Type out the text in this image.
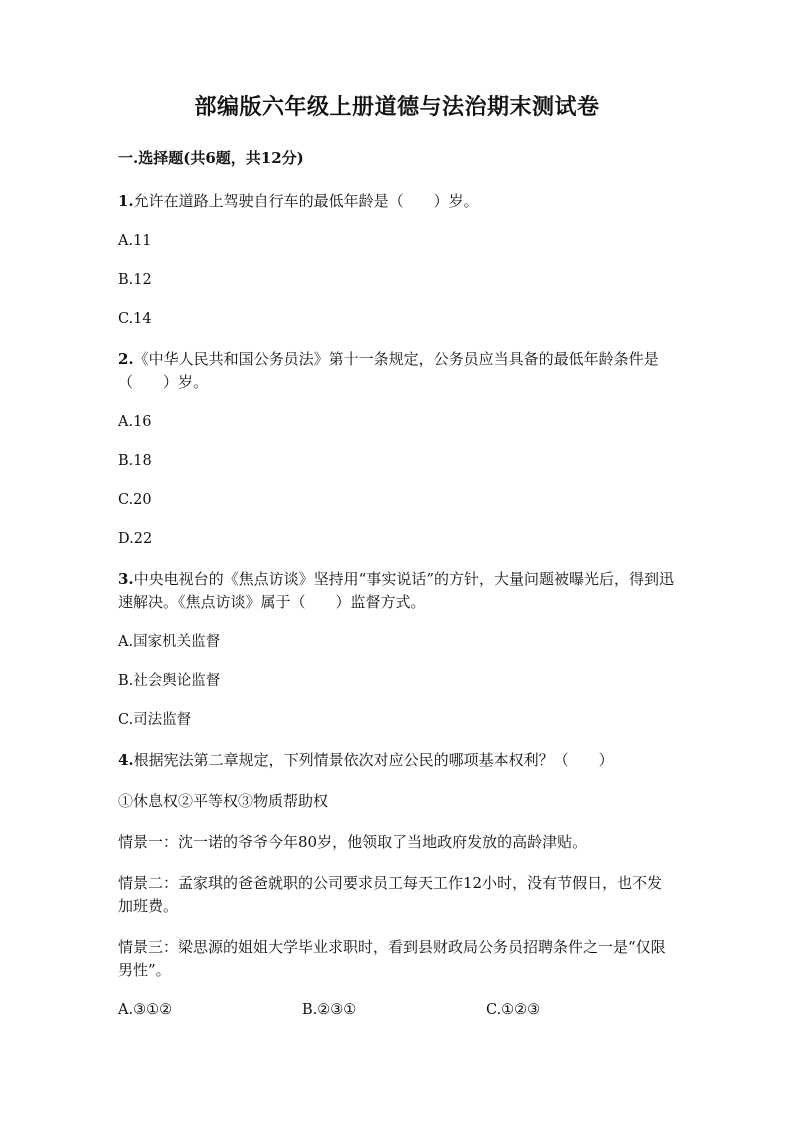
部编版六年级上册道德与法治期末测试卷
一.选择题(共6题，共12分)
1.允许在道路上驾驶自行车的最低年龄是（　　）岁。
A.11
B.12
C.14
2.《中华人民共和国公务员法》第十一条规定，公务员应当具备的最低年龄条件是（　　）岁。
A.16
B.18
C.20
D.22
3.中央电视台的《焦点访谈》坚持用“事实说话”的方针，大量问题被曝光后，得到迅速解决。《焦点访谈》属于（　　）监督方式。
A.国家机关监督
B.社会舆论监督
C.司法监督
4.根据宪法第二章规定，下列情景依次对应公民的哪项基本权利？（　　）
①休息权②平等权③物质帮助权
情景一：沈一诺的爷爷今年80岁，他领取了当地政府发放的高龄津贴。
情景二：孟家琪的爸爸就职的公司要求员工每天工作12小时，没有节假日，也不发加班费。
情景三：梁思源的姐姐大学毕业求职时，看到县财政局公务员招聘条件之一是“仅限男性”。
A.③①②	B.②③①	C.①②③
